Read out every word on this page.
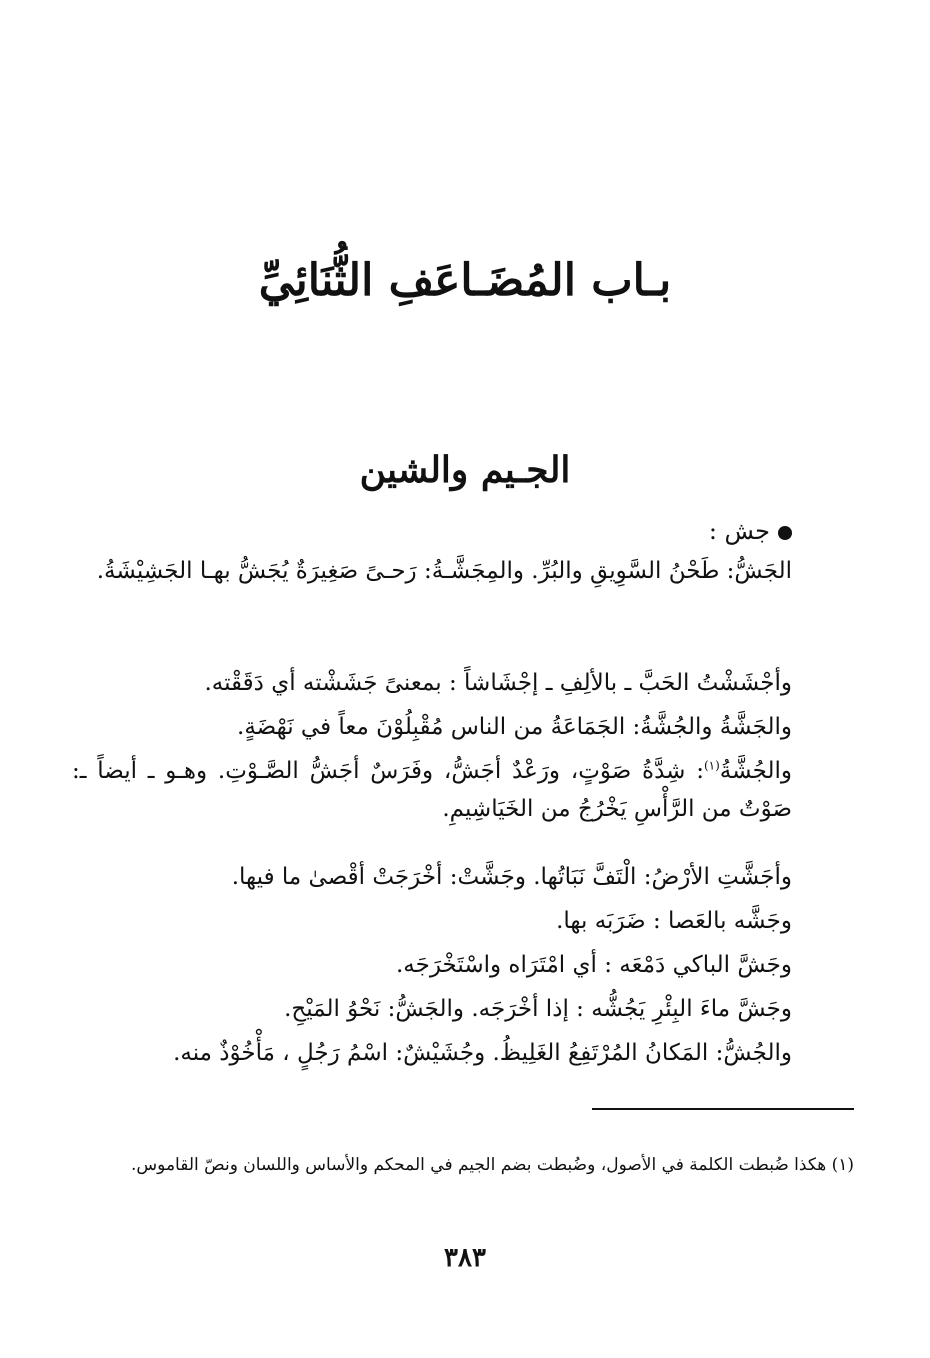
بـاب المُضَـاعَفِ الثُّنَائِيِّ
الجـيم والشين
جش :
الجَشُّ: طَحْنُ السَّوِيقِ والبُرِّ. والمِجَشَّـةُ: رَحـىً صَغِيرَةٌ يُجَشُّ بهـا الجَشِيْشَةُ.
وأجْشَشْتُ الحَبَّ ـ بالألِفِ ـ إجْشَاشاً : بمعنىً جَشَشْته أي دَقَقْته.
والجَشَّةُ والجُشَّةُ: الجَمَاعَةُ من الناس مُقْبِلُوْنَ معاً في نَهْضَةٍ.
والجُشَّةُ$^{(١)}$: شِدَّةُ صَوْتٍ، ورَعْدٌ أجَشُّ، وفَرَسٌ أجَشُّ الصَّـوْتِ. وهـو ـ أيضاً ـ: صَوْتٌ من الرَّأْسِ يَخْرُجُ من الخَيَاشِيمِ.
وأجَشَّتِ الأرْضُ: الْتَفَّ نَبَاتُها. وجَشَّتْ: أخْرَجَتْ أقْصىٰ ما فيها.
وجَشَّه بالعَصا : ضَرَبَه بها.
وجَشَّ الباكي دَمْعَه : أي امْتَرَاه واسْتَخْرَجَه.
وجَشَّ ماءَ البِئْرِ يَجُشُّه : إذا أخْرَجَه. والجَشُّ: نَحْوُ المَيْحِ.
والجُشُّ: المَكانُ المُرْتَفِعُ الغَلِيظُ. وجُشَيْشٌ: اسْمُ رَجُلٍ ، مَأْخُوْذٌ منه.
(١) هكذا ضُبطت الكلمة في الأصول، وضُبطت بضم الجيم في المحكم والأساس واللسان ونصّ القاموس.
٣٨٣
